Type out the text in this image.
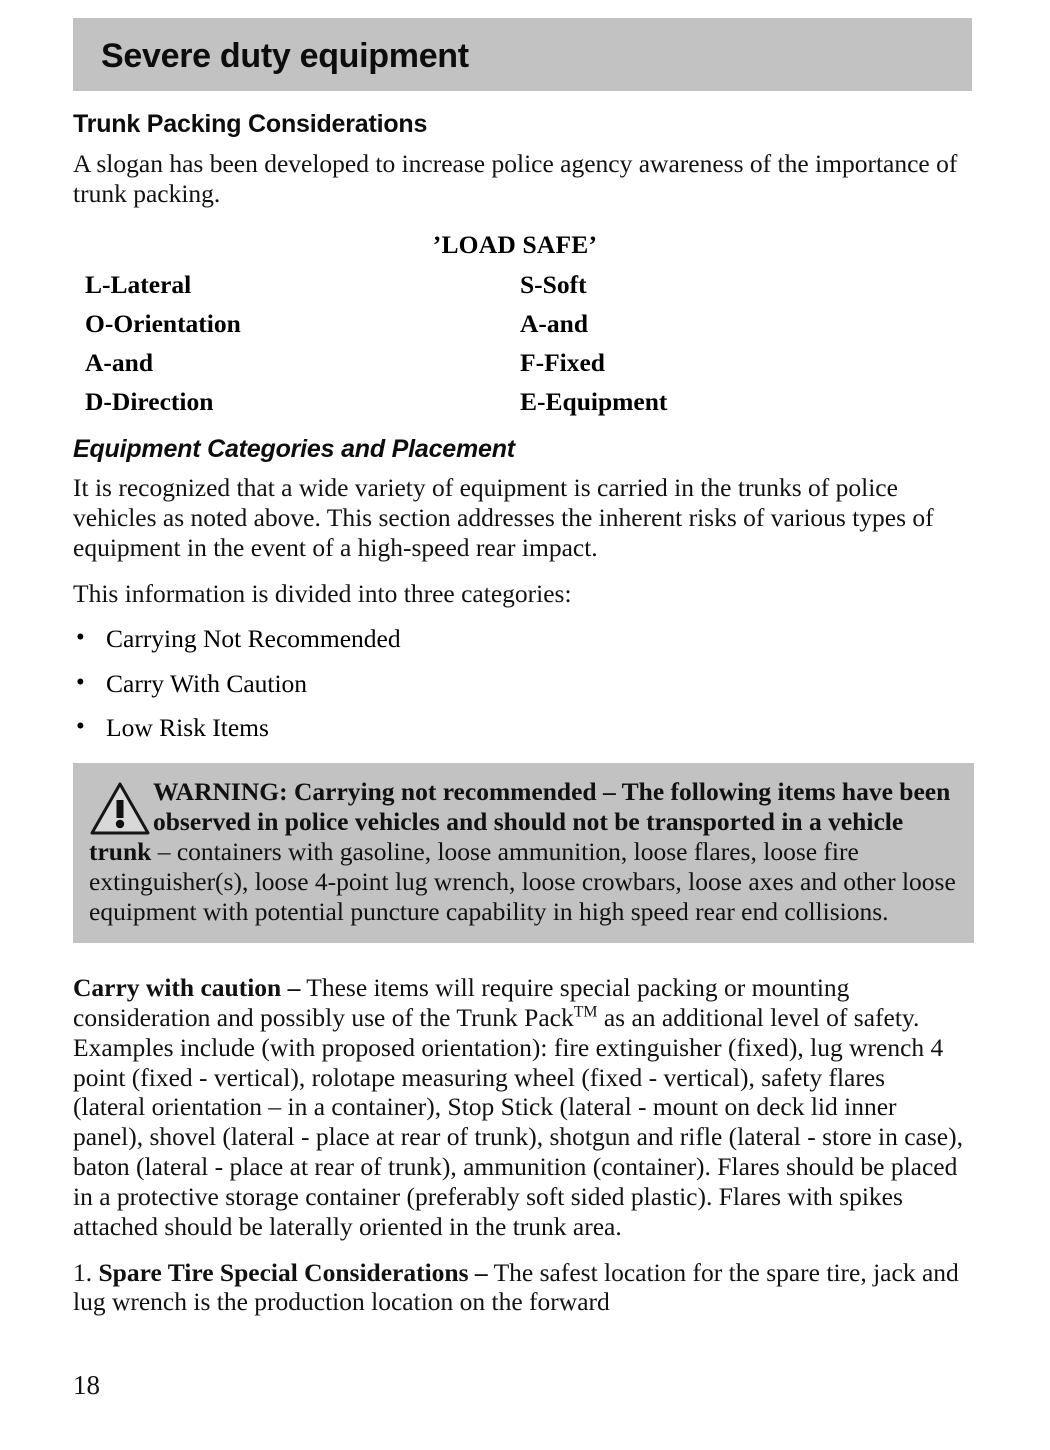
Severe duty equipment
Trunk Packing Considerations

A slogan has been developed to increase police agency awareness of the importance of trunk packing.

’LOAD SAFE’
L-Lateral	S-Soft
O-Orientation	A-and
A-and	F-Fixed
D-Direction	E-Equipment
Equipment Categories and Placement

It is recognized that a wide variety of equipment is carried in the trunks of police vehicles as noted above. This section addresses the inherent risks of various types of equipment in the event of a high-speed rear impact.

This information is divided into three categories:

• Carrying Not Recommended
• Carry With Caution
• Low Risk Items
WARNING: Carrying not recommended – The following items have been observed in police vehicles and should not be transported in a vehicle trunk – containers with gasoline, loose ammunition, loose flares, loose fire extinguisher(s), loose 4-point lug wrench, loose crowbars, loose axes and other loose equipment with potential puncture capability in high speed rear end collisions.

Carry with caution – These items will require special packing or mounting consideration and possibly use of the Trunk Pack™ as an additional level of safety. Examples include (with proposed orientation): fire extinguisher (fixed), lug wrench 4 point (fixed - vertical), rolotape measuring wheel (fixed - vertical), safety flares (lateral orientation – in a container), Stop Stick (lateral - mount on deck lid inner panel), shovel (lateral - place at rear of trunk), shotgun and rifle (lateral - store in case), baton (lateral - place at rear of trunk), ammunition (container). Flares should be placed in a protective storage container (preferably soft sided plastic). Flares with spikes attached should be laterally oriented in the trunk area.

1. Spare Tire Special Considerations – The safest location for the spare tire, jack and lug wrench is the production location on the forward

18
